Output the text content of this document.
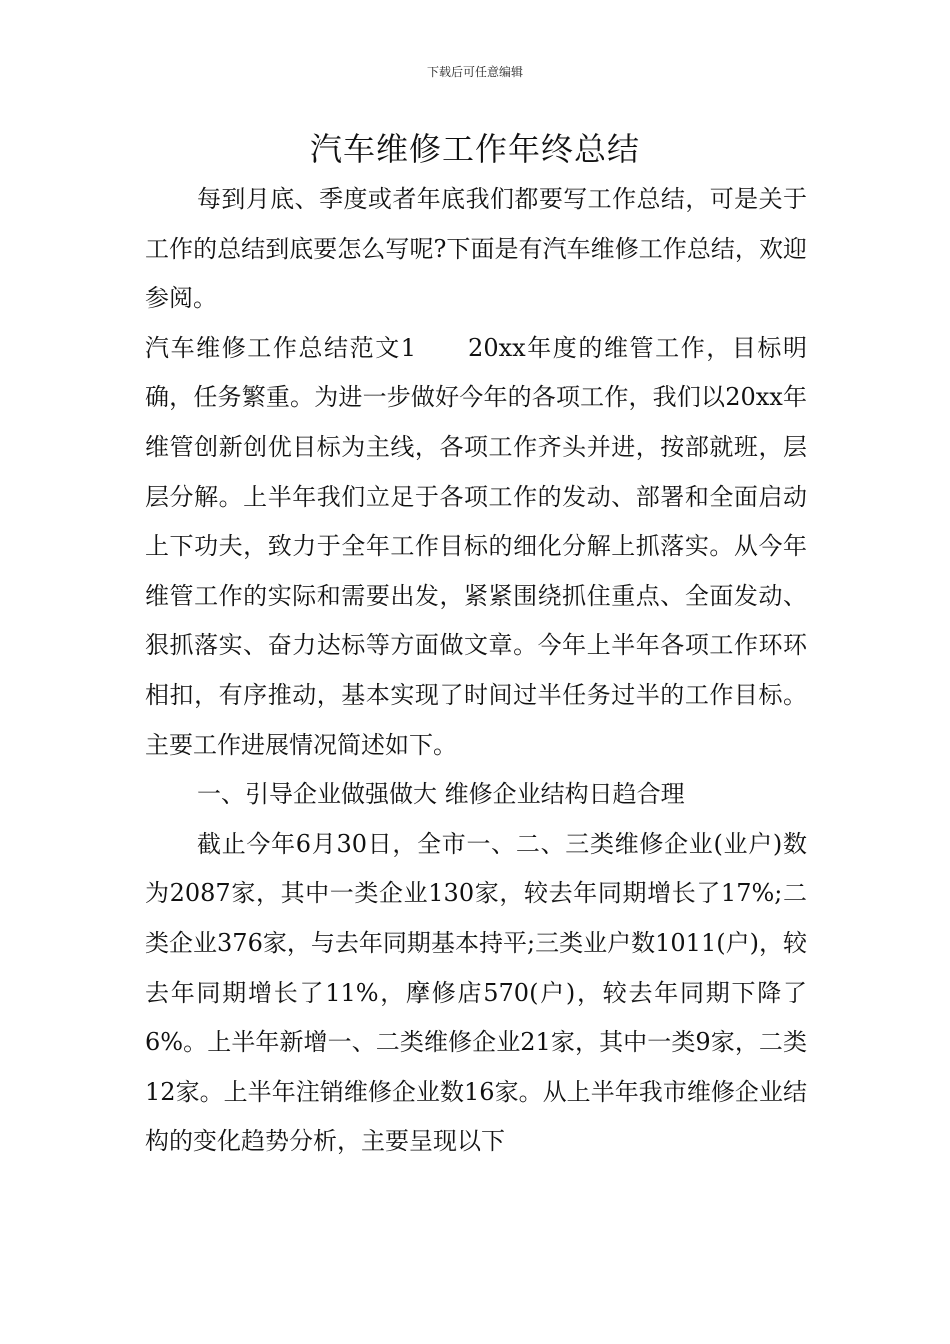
下载后可任意编辑
汽车维修工作年终总结

每到月底、季度或者年底我们都要写工作总结，可是关于工作的总结到底要怎么写呢?下面是有汽车维修工作总结，欢迎参阅。

汽车维修工作总结范文1 20xx年度的维管工作，目标明确，任务繁重。为进一步做好今年的各项工作，我们以20xx年维管创新创优目标为主线，各项工作齐头并进，按部就班，层层分解。上半年我们立足于各项工作的发动、部署和全面启动上下功夫，致力于全年工作目标的细化分解上抓落实。从今年维管工作的实际和需要出发，紧紧围绕抓住重点、全面发动、狠抓落实、奋力达标等方面做文章。今年上半年各项工作环环相扣，有序推动，基本实现了时间过半任务过半的工作目标。主要工作进展情况简述如下。

一、引导企业做强做大 维修企业结构日趋合理

截止今年6月30日，全市一、二、三类维修企业(业户)数为2087家，其中一类企业130家，较去年同期增长了17%;二类企业376家，与去年同期基本持平;三类业户数1011(户)，较去年同期增长了11%，摩修店570(户)，较去年同期下降了6%。上半年新增一、二类维修企业21家，其中一类9家，二类12家。上半年注销维修企业数16家。从上半年我市维修企业结构的变化趋势分析，主要呈现以下
